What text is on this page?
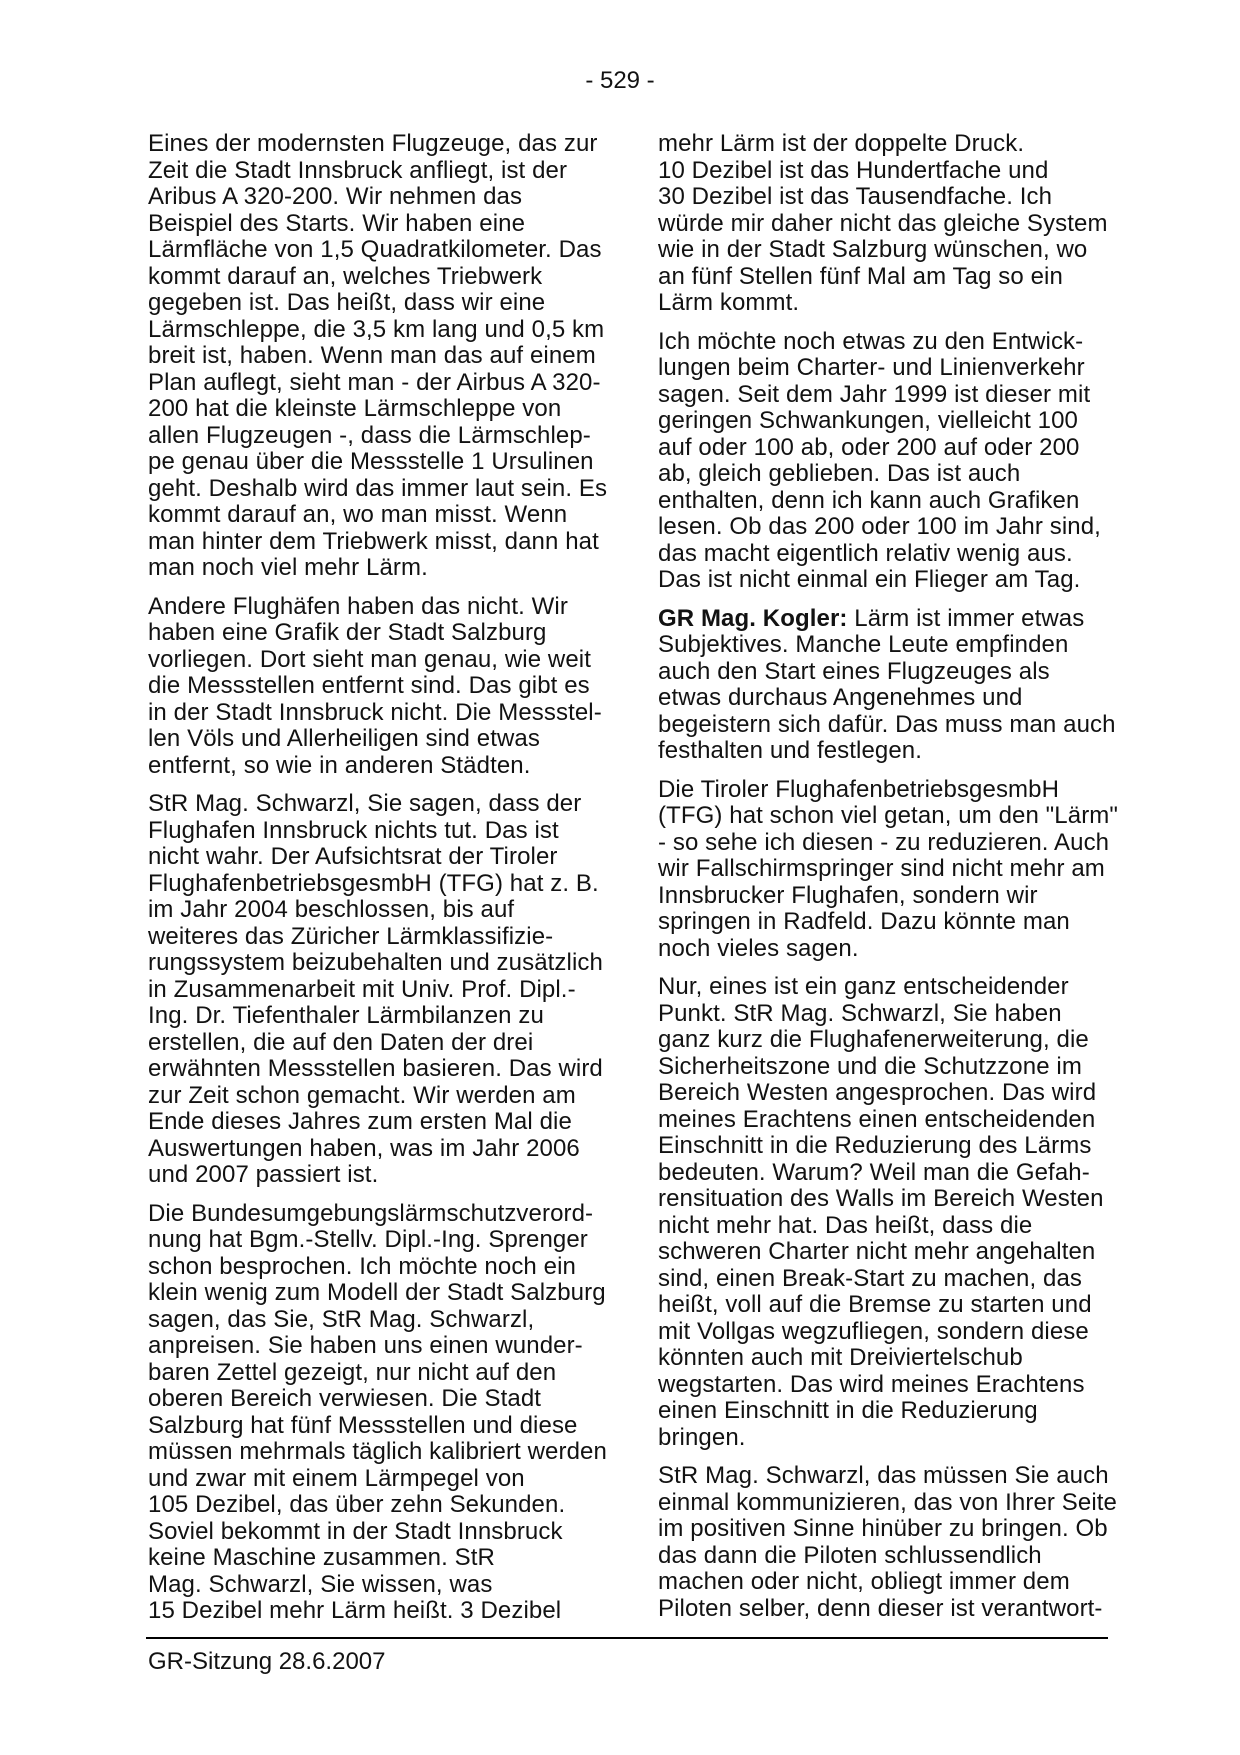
- 529 -

Eines der modernsten Flugzeuge, das zur
Zeit die Stadt Innsbruck anfliegt, ist der
Aribus A 320-200. Wir nehmen das
Beispiel des Starts. Wir haben eine
Lärmfläche von 1,5 Quadratkilometer. Das
kommt darauf an, welches Triebwerk
gegeben ist. Das heißt, dass wir eine
Lärmschleppe, die 3,5 km lang und 0,5 km
breit ist, haben. Wenn man das auf einem
Plan auflegt, sieht man - der Airbus A 320-
200 hat die kleinste Lärmschleppe von
allen Flugzeugen -, dass die Lärmschlep-
pe genau über die Messstelle 1 Ursulinen
geht. Deshalb wird das immer laut sein. Es
kommt darauf an, wo man misst. Wenn
man hinter dem Triebwerk misst, dann hat
man noch viel mehr Lärm.

Andere Flughäfen haben das nicht. Wir
haben eine Grafik der Stadt Salzburg
vorliegen. Dort sieht man genau, wie weit
die Messstellen entfernt sind. Das gibt es
in der Stadt Innsbruck nicht. Die Messstel-
len Völs und Allerheiligen sind etwas
entfernt, so wie in anderen Städten.

StR Mag. Schwarzl, Sie sagen, dass der
Flughafen Innsbruck nichts tut. Das ist
nicht wahr. Der Aufsichtsrat der Tiroler
FlughafenbetriebsgesmbH (TFG) hat z. B.
im Jahr 2004 beschlossen, bis auf
weiteres das Züricher Lärmklassifizie-
rungssystem beizubehalten und zusätzlich
in Zusammenarbeit mit Univ. Prof. Dipl.-
Ing. Dr. Tiefenthaler Lärmbilanzen zu
erstellen, die auf den Daten der drei
erwähnten Messstellen basieren. Das wird
zur Zeit schon gemacht. Wir werden am
Ende dieses Jahres zum ersten Mal die
Auswertungen haben, was im Jahr 2006
und 2007 passiert ist.

Die Bundesumgebungslärmschutzverord-
nung hat Bgm.-Stellv. Dipl.-Ing. Sprenger
schon besprochen. Ich möchte noch ein
klein wenig zum Modell der Stadt Salzburg
sagen, das Sie, StR Mag. Schwarzl,
anpreisen. Sie haben uns einen wunder-
baren Zettel gezeigt, nur nicht auf den
oberen Bereich verwiesen. Die Stadt
Salzburg hat fünf Messstellen und diese
müssen mehrmals täglich kalibriert werden
und zwar mit einem Lärmpegel von
105 Dezibel, das über zehn Sekunden.
Soviel bekommt in der Stadt Innsbruck
keine Maschine zusammen. StR
Mag. Schwarzl, Sie wissen, was
15 Dezibel mehr Lärm heißt. 3 Dezibel

mehr Lärm ist der doppelte Druck.
10 Dezibel ist das Hundertfache und
30 Dezibel ist das Tausendfache. Ich
würde mir daher nicht das gleiche System
wie in der Stadt Salzburg wünschen, wo
an fünf Stellen fünf Mal am Tag so ein
Lärm kommt.

Ich möchte noch etwas zu den Entwick-
lungen beim Charter- und Linienverkehr
sagen. Seit dem Jahr 1999 ist dieser mit
geringen Schwankungen, vielleicht 100
auf oder 100 ab, oder 200 auf oder 200
ab, gleich geblieben. Das ist auch
enthalten, denn ich kann auch Grafiken
lesen. Ob das 200 oder 100 im Jahr sind,
das macht eigentlich relativ wenig aus.
Das ist nicht einmal ein Flieger am Tag.

GR Mag. Kogler: Lärm ist immer etwas
Subjektives. Manche Leute empfinden
auch den Start eines Flugzeuges als
etwas durchaus Angenehmes und
begeistern sich dafür. Das muss man auch
festhalten und festlegen.

Die Tiroler FlughafenbetriebsgesmbH
(TFG) hat schon viel getan, um den "Lärm"
- so sehe ich diesen - zu reduzieren. Auch
wir Fallschirmspringer sind nicht mehr am
Innsbrucker Flughafen, sondern wir
springen in Radfeld. Dazu könnte man
noch vieles sagen.

Nur, eines ist ein ganz entscheidender
Punkt. StR Mag. Schwarzl, Sie haben
ganz kurz die Flughafenerweiterung, die
Sicherheitszone und die Schutzzone im
Bereich Westen angesprochen. Das wird
meines Erachtens einen entscheidenden
Einschnitt in die Reduzierung des Lärms
bedeuten. Warum? Weil man die Gefah-
rensituation des Walls im Bereich Westen
nicht mehr hat. Das heißt, dass die
schweren Charter nicht mehr angehalten
sind, einen Break-Start zu machen, das
heißt, voll auf die Bremse zu starten und
mit Vollgas wegzufliegen, sondern diese
könnten auch mit Dreiviertelschub
wegstarten. Das wird meines Erachtens
einen Einschnitt in die Reduzierung
bringen.

StR Mag. Schwarzl, das müssen Sie auch
einmal kommunizieren, das von Ihrer Seite
im positiven Sinne hinüber zu bringen. Ob
das dann die Piloten schlussendlich
machen oder nicht, obliegt immer dem
Piloten selber, denn dieser ist verantwort-

GR-Sitzung 28.6.2007
